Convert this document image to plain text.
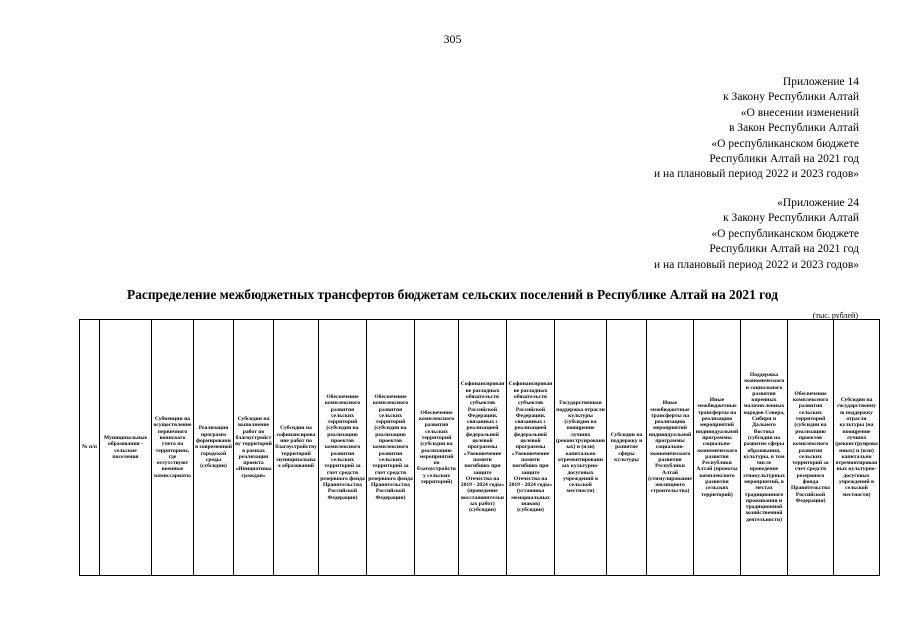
305
Приложение 14
к Закону Республики Алтай
«О внесении изменений
в Закон Республики Алтай
«О республиканском бюджете
Республики Алтай на 2021 год
и на плановый период 2022 и 2023 годов»
«Приложение 24
к Закону Республики Алтай
«О республиканском бюджете
Республики Алтай на 2021 год
и на плановый период 2022 и 2023 годов»
Распределение межбюджетных трансфертов бюджетам сельских поселений в Республике Алтай на 2021 год
(тыс. рублей)
№ п/п	Муниципальные образования - сельские поселения	Субвенции на осуществление первичного воинского учета на территориях, где отсутствуют военные комиссариаты	Реализация программ формирования современной городской среды (субсидии)	Субсидии на выполнение работ по благоустройству территорий в рамках реализации проекта «Инициативы граждан»	Субсидии на софинансирование работ по благоустройству территорий муниципальных образований	Обеспечение комплексного развития сельских территорий (субсидии на реализацию проектов комплексного развития сельских территорий за счет средств резервного фонда Правительства Российской Федерации)	Обеспечение комплексного развития сельских территорий (субсидии на реализацию проектов комплексного развития сельских территорий за счет средств резервного фонда Правительства Российской Федерации)	Обеспечение комплексного развития сельских территорий (субсидии на реализацию мероприятий по благоустройству сельских территорий)	Софинансирование расходных обязательств субъектов Российской Федерации, связанных с реализацией федеральной целевой программы «Увековечение памяти погибших при защите Отечества на 2019 - 2024 годы» (проведение восстановительных работ) (субсидии)	Софинансирование расходных обязательств субъектов Российской Федерации, связанных с реализацией федеральной целевой программы «Увековечение памяти погибших при защите Отечества на 2019 - 2024 годы» (установка мемориальных знаков) (субсидии)	Государственная поддержка отрасли культуры (субсидии на поощрение лучших (реконструированных) и (или) капитально отремонтированных культурно-досуговых учреждений в сельской местности)	Субсидии на поддержку и развитие сферы культуры	Иные межбюджетные трансферты на реализацию мероприятий индивидуальной программы социально-экономического развития Республики Алтай (стимулирование жилищного строительства)	Иные межбюджетные трансферты на реализацию мероприятий индивидуальной программы социально-экономического развития Республики Алтай (проекты комплексного развития сельских территорий)	Поддержка экономического и социального развития коренных малочисленных народов Севера, Сибири и Дальнего Востока (субсидии на развитие сферы образования, культуры, в том числе проведение этнокультурных мероприятий, в местах традиционного проживания и традиционной хозяйственной деятельности)	Обеспечение комплексного развития сельских территорий (субсидии на реализацию проектов комплексного развития сельских территорий за счет средств резервного фонда Правительства Российской Федерации)	Субсидии на государственную поддержку отрасли культуры (на поощрение лучших (реконструированных) и (или) капитально отремонтированных культурно-досуговых учреждений в сельской местности)
